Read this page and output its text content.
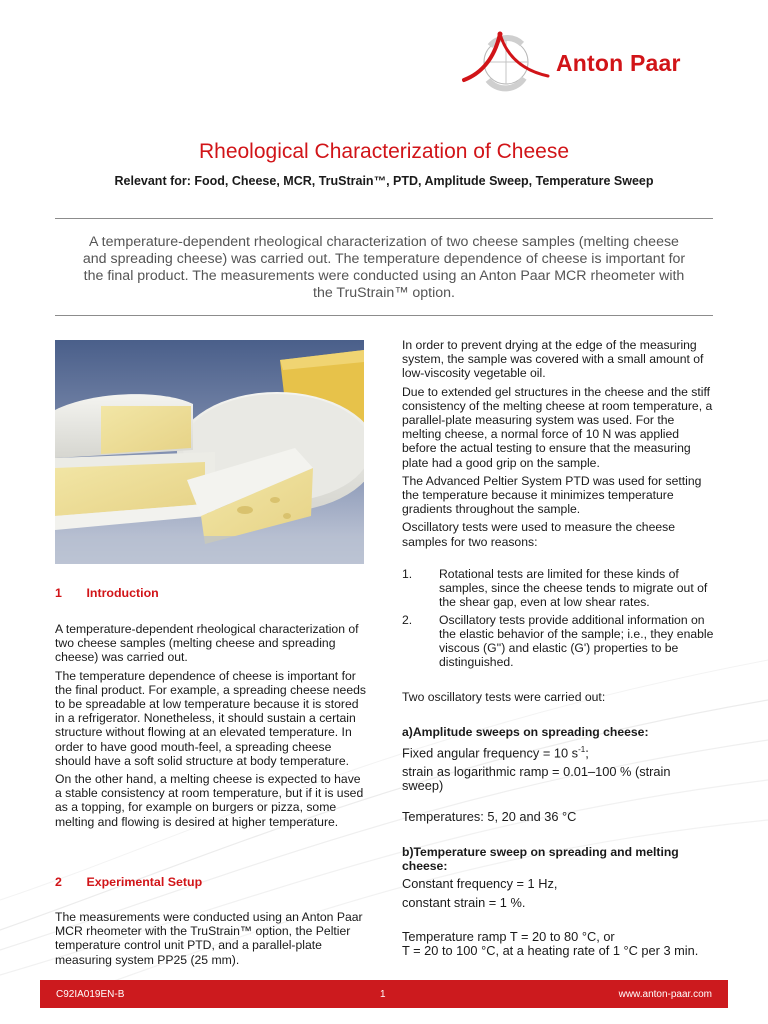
Anton Paar
Rheological Characterization of Cheese
Relevant for: Food, Cheese, MCR, TruStrain™, PTD, Amplitude Sweep, Temperature Sweep
A temperature-dependent rheological characterization of two cheese samples (melting cheese
and spreading cheese) was carried out. The temperature dependence of cheese is important for
the final product. The measurements were conducted using an Anton Paar MCR rheometer with
the TruStrain™ option.
1 Introduction

A temperature-dependent rheological characterization of two cheese samples (melting cheese and spreading cheese) was carried out.

The temperature dependence of cheese is important for the final product. For example, a spreading cheese needs to be spreadable at low temperature because it is stored in a refrigerator. Nonetheless, it should sustain a certain structure without flowing at an elevated temperature. In order to have good mouth-feel, a spreading cheese should have a soft solid structure at body temperature.

On the other hand, a melting cheese is expected to have a stable consistency at room temperature, but if it is used as a topping, for example on burgers or pizza, some melting and flowing is desired at higher temperature.

2 Experimental Setup

The measurements were conducted using an Anton Paar MCR rheometer with the TruStrain™ option, the Peltier temperature control unit PTD, and a parallel-plate measuring system PP25 (25 mm).

In order to prevent drying at the edge of the measuring system, the sample was covered with a small amount of low-viscosity vegetable oil.

Due to extended gel structures in the cheese and the stiff consistency of the melting cheese at room temperature, a parallel-plate measuring system was used. For the melting cheese, a normal force of 10 N was applied before the actual testing to ensure that the measuring plate had a good grip on the sample.

The Advanced Peltier System PTD was used for setting the temperature because it minimizes temperature gradients throughout the sample.

Oscillatory tests were used to measure the cheese samples for two reasons:

1. Rotational tests are limited for these kinds of samples, since the cheese tends to migrate out of the shear gap, even at low shear rates.
2. Oscillatory tests provide additional information on the elastic behavior of the sample; i.e., they enable viscous (G'') and elastic (G') properties to be distinguished.

Two oscillatory tests were carried out:

a)Amplitude sweeps on spreading cheese:

Fixed angular frequency = 10 $s^{-1}$;

strain as logarithmic ramp = 0.01–100 % (strain sweep)

Temperatures: 5, 20 and 36 °C

b)Temperature sweep on spreading and melting cheese:

Constant frequency = 1 Hz,

constant strain = 1 %.

Temperature ramp T = 20 to 80 °C, or
T = 20 to 100 °C, at a heating rate of 1 °C per 3 min.
C92IA019EN-B	1	www.anton-paar.com
